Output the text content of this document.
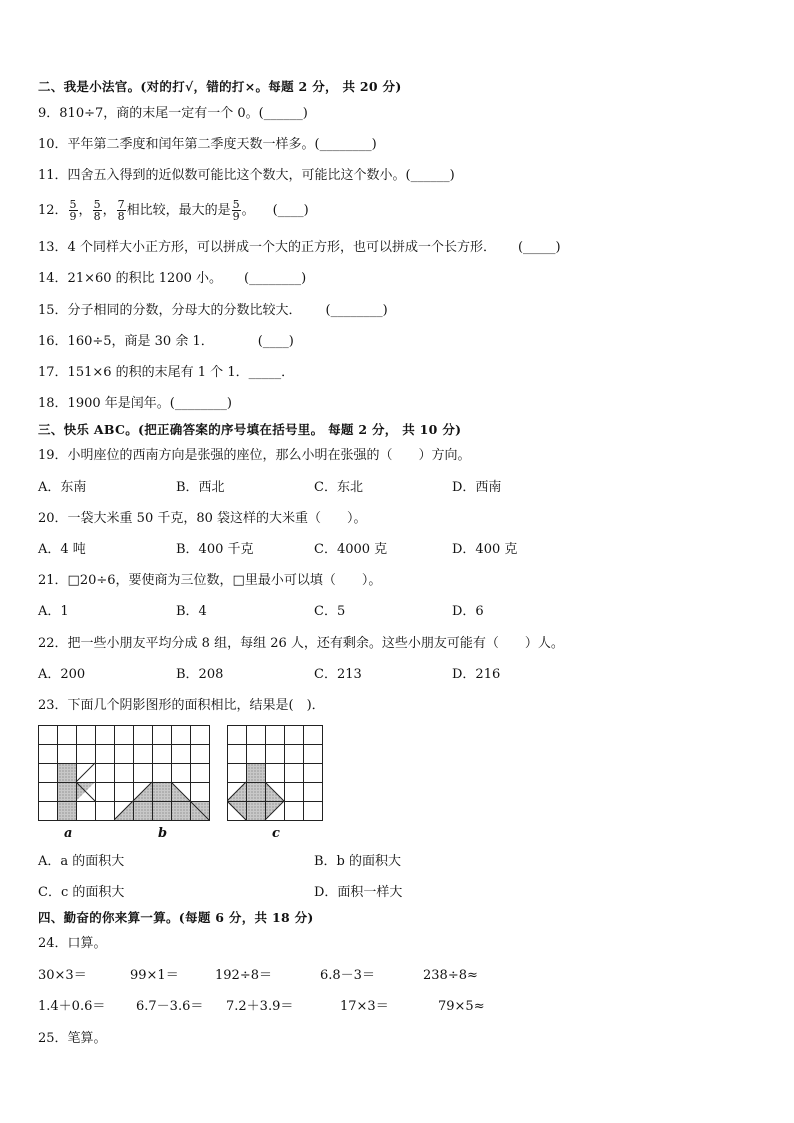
二、我是小法官。(对的打√，错的打×。每题 2 分， 共 20 分)
9．810÷7，商的末尾一定有一个 0。(______)
10．平年第二季度和闰年第二季度天数一样多。(________)
11．四舍五入得到的近似数可能比这个数大，可能比这个数小。(______)
12． $\frac{5}{9}$ ， $\frac{5}{8}$ ， $\frac{7}{8}$ 相比较，最大的是 $\frac{5}{9}$ 。 (____)
13．4 个同样大小正方形，可以拼成一个大的正方形，也可以拼成一个长方形． (_____)
14．21×60 的积比 1200 小。 (________)
15．分子相同的分数，分母大的分数比较大． (________)
16．160÷5，商是 30 余 1．	(____)
17．151×6 的积的末尾有 1 个 1．_____．
18．1900 年是闰年。(________)
三、快乐 ABC。(把正确答案的序号填在括号里。 每题 2 分， 共 10 分)
19．小明座位的西南方向是张强的座位，那么小明在张强的（　　）方向。
A．东南	B．西北	C．东北	D．西南
20．一袋大米重 50 千克，80 袋这样的大米重（　　）。
A．4 吨	B．400 千克	C．4000 克	D．400 克
21．□20÷6，要使商为三位数，□里最小可以填（　　）。
A．1	B．4	C．5	D．6
22．把一些小朋友平均分成 8 组，每组 26 人，还有剩余。这些小朋友可能有（　　）人。
A．200	B．208	C．213	D．216
23．下面几个阴影图形的面积相比，结果是(　)．
a	b	c
A．a 的面积大	B．b 的面积大
C．c 的面积大	D．面积一样大
四、勤奋的你来算一算。(每题 6 分，共 18 分)
24．口算。
30×3＝	99×1＝	192÷8＝	6.8－3＝	238÷8≈
1.4＋0.6＝ 6.7－3.6＝ 7.2＋3.9＝	17×3＝	79×5≈
25．笔算。
